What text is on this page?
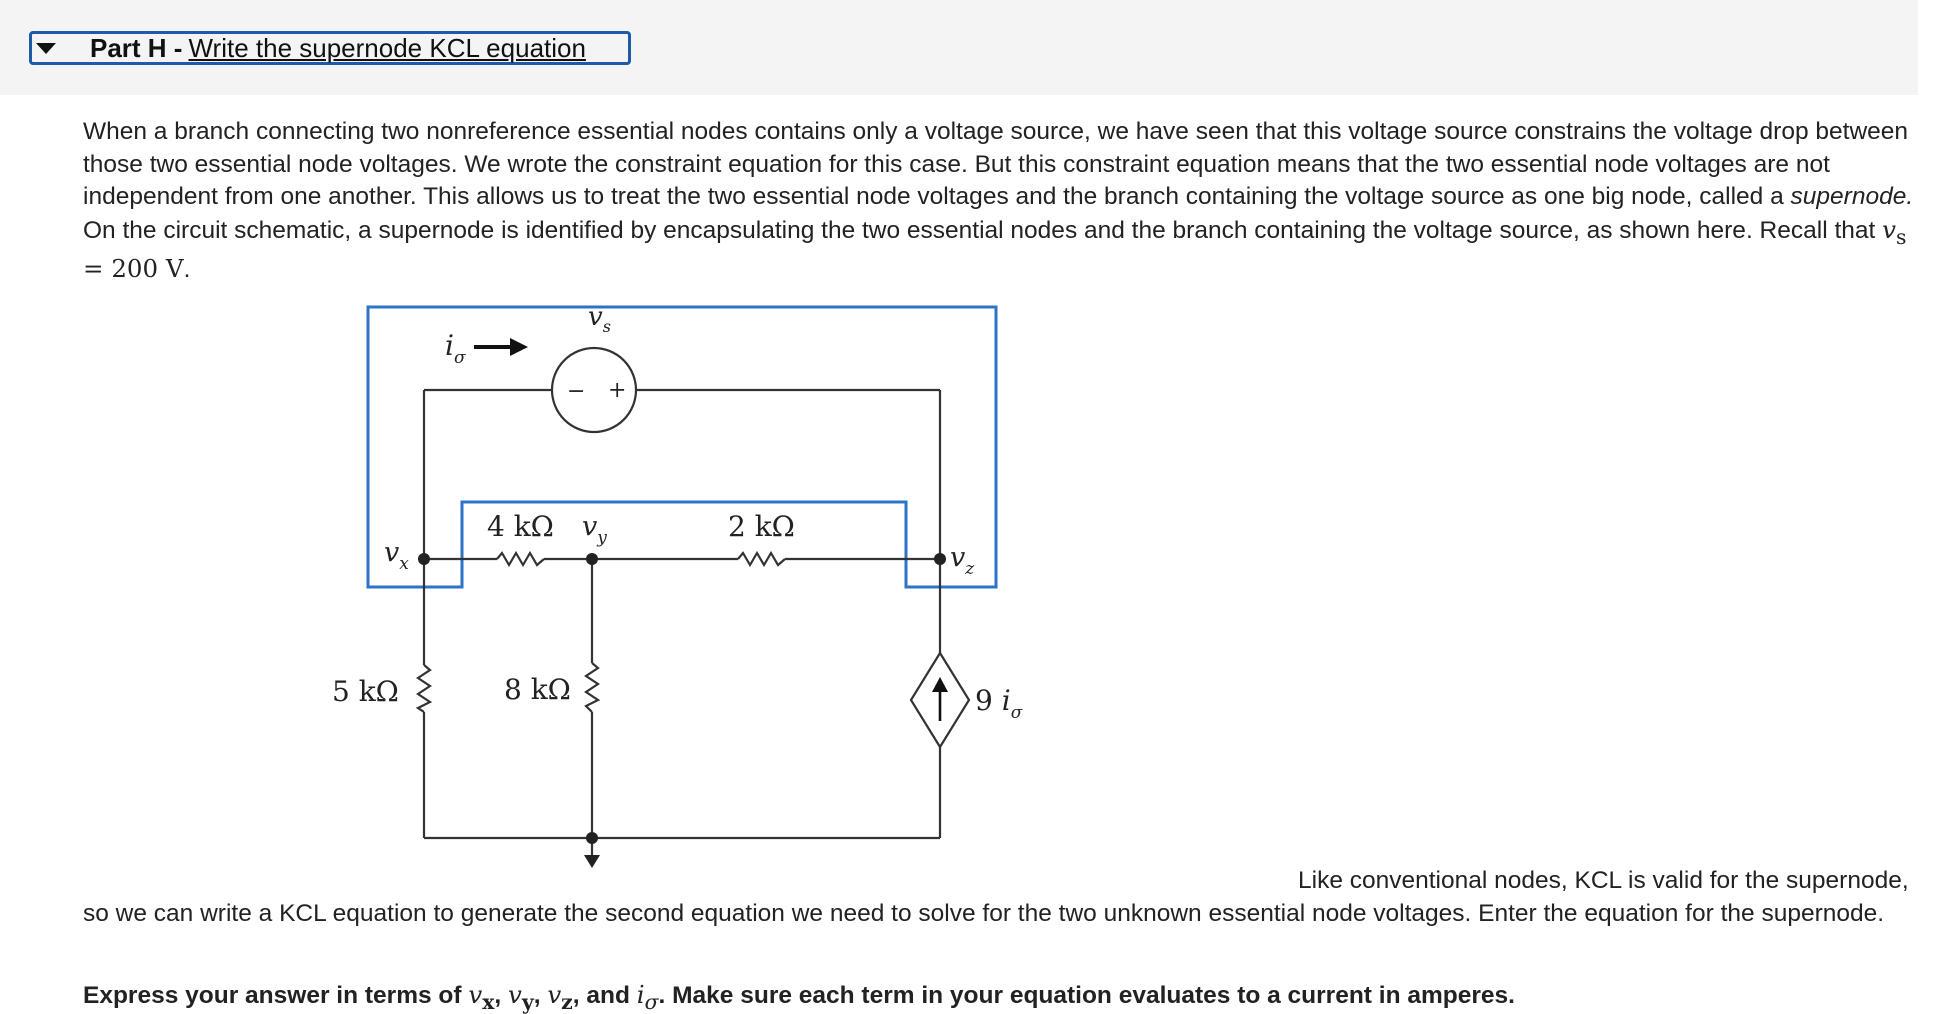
Part H - Write the supernode KCL equation

When a branch connecting two nonreference essential nodes contains only a voltage source, we have seen that this voltage source constrains the voltage drop between those two essential node voltages. We wrote the constraint equation for this case. But this constraint equation means that the two essential node voltages are not independent from one another. This allows us to treat the two essential node voltages and the branch containing the voltage source as one big node, called a supernode. On the circuit schematic, a supernode is identified by encapsulating the two essential nodes and the branch containing the voltage source, as shown here. Recall that $v_s = 200$ V.

− +
$v_s$
$i_\sigma$
9 $i_\sigma$
4 kΩ	2 kΩ
5 kΩ	8 kΩ
$v_x$
$v_y$
$v_z$

Like conventional nodes, KCL is valid for the supernode, so we can write a KCL equation to generate the second equation we need to solve for the two unknown essential node voltages. Enter the equation for the supernode.

Express your answer in terms of $v_x$, $v_y$, $v_z$, and $i_\sigma$. Make sure each term in your equation evaluates to a current in amperes.
